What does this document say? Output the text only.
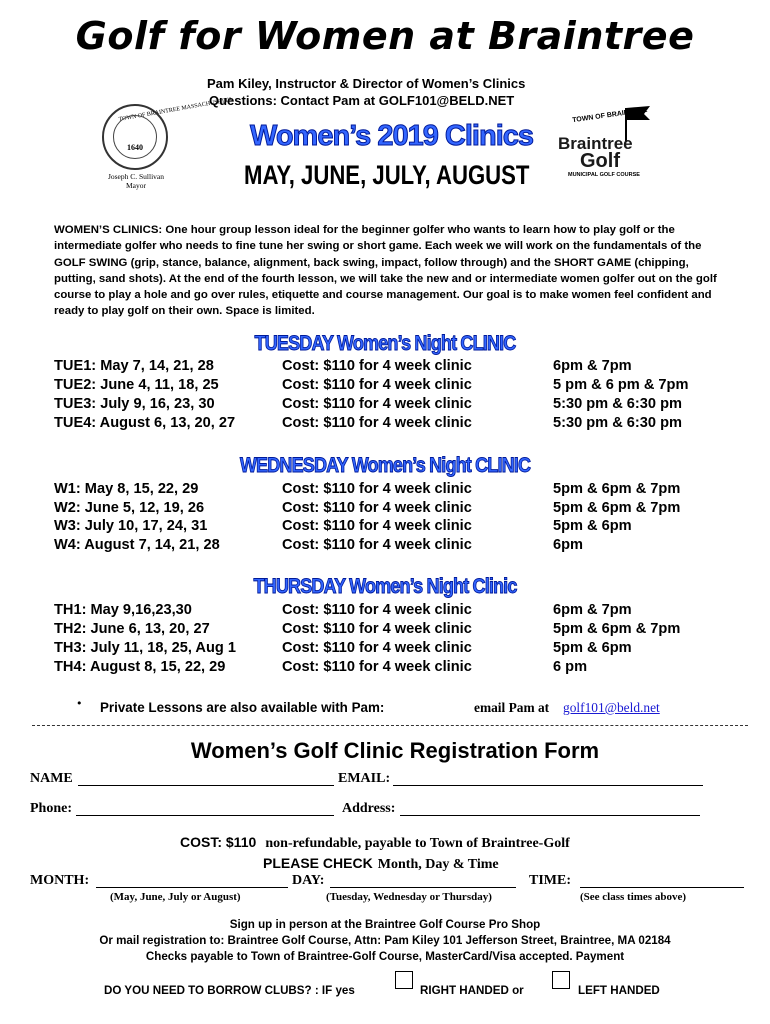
Golf for Women at Braintree
Pam Kiley, Instructor & Director of Women’s Clinics
Questions: Contact Pam at GOLF101@BELD.NET
TOWN OF BRAINTREE MASSACHUSETTS
1640
Joseph C. Sullivan
Mayor
Women’s 2019 Clinics
MAY, JUNE, JULY, AUGUST
TOWN OF BRAINTREE
Braintree
Golf
MUNICIPAL GOLF COURSE
WOMEN’S CLINICS: One hour group lesson ideal for the beginner golfer who wants to learn how to play golf or the intermediate golfer who needs to fine tune her swing or short game. Each week we will work on the fundamentals of the GOLF SWING (grip, stance, balance, alignment, back swing, impact, follow through) and the SHORT GAME (chipping, putting, sand shots). At the end of the fourth lesson, we will take the new and or intermediate women golfer out on the golf course to play a hole and go over rules, etiquette and course management. Our goal is to make women feel confident and ready to play golf on their own. Space is limited.
TUESDAY Women’s Night CLINIC
TUE1: May 7, 14, 21, 28	Cost: $110 for 4 week clinic	6pm & 7pm
TUE2: June 4, 11, 18, 25	Cost: $110 for 4 week clinic	5 pm & 6 pm & 7pm
TUE3: July 9, 16, 23, 30	Cost: $110 for 4 week clinic	5:30 pm & 6:30 pm
TUE4: August 6, 13, 20, 27	Cost: $110 for 4 week clinic	5:30 pm & 6:30 pm
WEDNESDAY Women’s Night CLINIC
W1: May 8, 15, 22, 29	Cost: $110 for 4 week clinic	5pm & 6pm & 7pm
W2: June 5, 12, 19, 26	Cost: $110 for 4 week clinic	5pm & 6pm & 7pm
W3: July 10, 17, 24, 31	Cost: $110 for 4 week clinic	5pm & 6pm
W4: August 7, 14, 21, 28	Cost: $110 for 4 week clinic	6pm
THURSDAY Women’s Night Clinic
TH1: May 9,16,23,30	Cost: $110 for 4 week clinic	6pm & 7pm
TH2: June 6, 13, 20, 27	Cost: $110 for 4 week clinic	5pm & 6pm & 7pm
TH3: July 11, 18, 25, Aug 1	Cost: $110 for 4 week clinic	5pm & 6pm
TH4: August 8, 15, 22, 29	Cost: $110 for 4 week clinic	6 pm
• Private Lessons are also available with Pam:	email Pam at golf101@beld.net
Women’s Golf Clinic Registration Form
NAME	EMAIL:
Phone:	Address:
COST: $110 non-refundable, payable to Town of Braintree-Golf
PLEASE CHECK Month, Day & Time
MONTH:	DAY:	TIME:
(May, June, July or August)	(Tuesday, Wednesday or Thursday)	(See class times above)
Sign up in person at the Braintree Golf Course Pro Shop
Or mail registration to: Braintree Golf Course, Attn: Pam Kiley 101 Jefferson Street, Braintree, MA 02184
Checks payable to Town of Braintree-Golf Course, MasterCard/Visa accepted. Payment
DO YOU NEED TO BORROW CLUBS? : IF yes	RIGHT HANDED or	LEFT HANDED
